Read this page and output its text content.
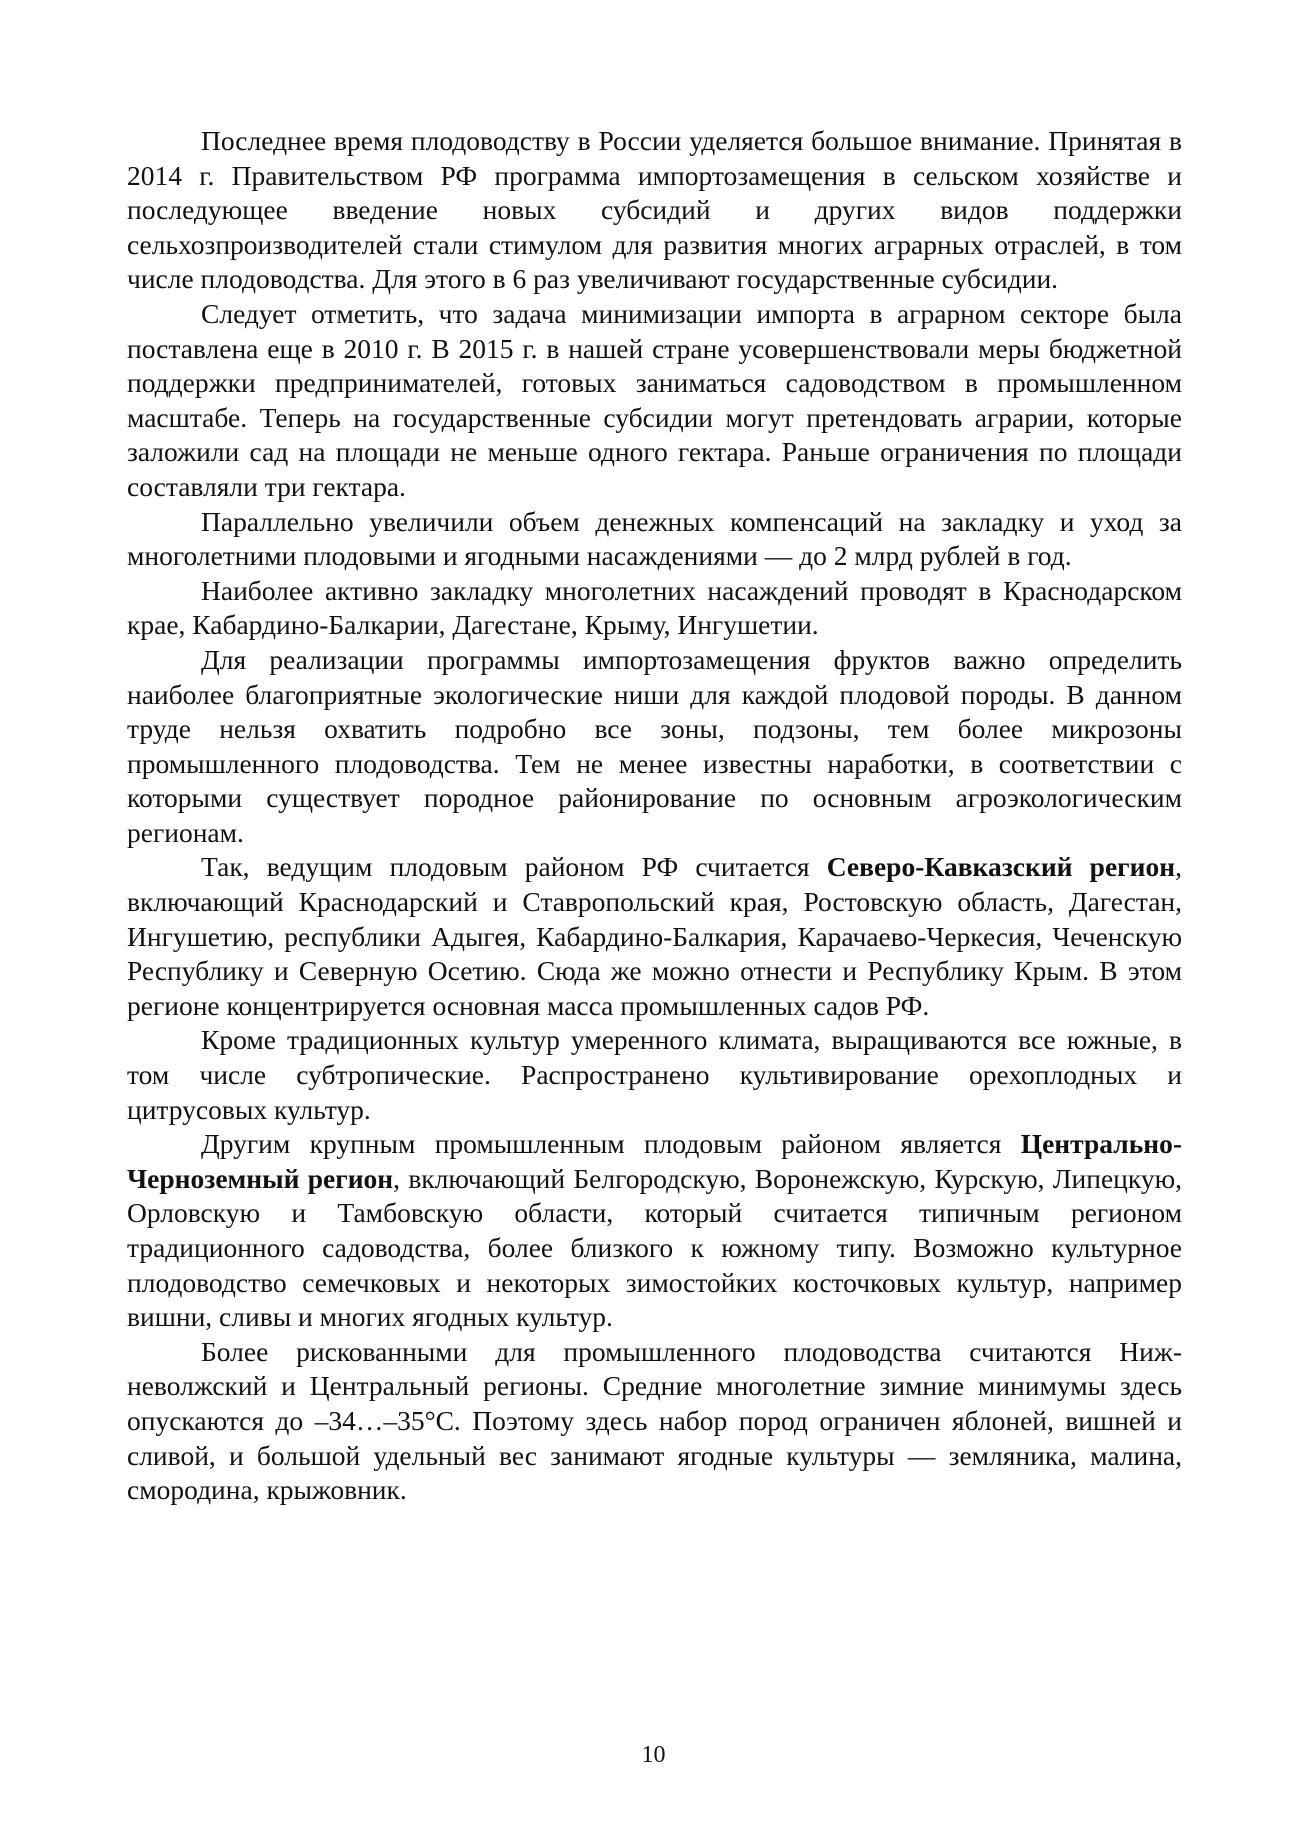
Последнее время плодоводству в России уделяется большое внимание. Принятая в 2014 г. Правительством РФ программа импортозамещения в сельском хозяйстве и последующее введение новых субсидий и других видов поддержки сельхозпроизводителей стали стимулом для развития многих аграрных отраслей, в том числе плодоводства. Для этого в 6 раз увеличивают государственные субсидии.

Следует отметить, что задача минимизации импорта в аграрном секторе была поставлена еще в 2010 г. В 2015 г. в нашей стране усовершенствовали меры бюджетной поддержки предпринимателей, готовых заниматься садоводством в промышленном масштабе. Теперь на государственные субсидии могут претендовать аграрии, которые заложили сад на площади не меньше одного гектара. Раньше ограничения по площади составляли три гектара.

Параллельно увеличили объем денежных компенсаций на закладку и уход за многолетними плодовыми и ягодными насаждениями — до 2 млрд рублей в год.

Наиболее активно закладку многолетних насаждений проводят в Краснодарском крае, Кабардино-Балкарии, Дагестане, Крыму, Ингушетии.

Для реализации программы импортозамещения фруктов важно определить наиболее благоприятные экологические ниши для каждой плодовой породы. В данном труде нельзя охватить подробно все зоны, подзоны, тем более микрозоны промышленного плодоводства. Тем не менее известны наработки, в соответствии с которыми существует породное районирование по основным агроэкологическим регионам.

Так, ведущим плодовым районом РФ считается Северо-Кавказский регион, включающий Краснодарский и Ставропольский края, Ростовскую область, Дагестан, Ингушетию, республики Адыгея, Кабардино-Балкария, Карачаево-Черкесия, Чеченскую Республику и Северную Осетию. Сюда же можно отнести и Республику Крым. В этом регионе концентрируется основная масса промышленных садов РФ.

Кроме традиционных культур умеренного климата, выращиваются все южные, в том числе субтропические. Распространено культивирование орехоплодных и цитрусовых культур.

Другим крупным промышленным плодовым районом является Центрально-Черноземный регион, включающий Белгородскую, Воронежскую, Курскую, Липецкую, Орловскую и Тамбовскую области, который считается типичным регионом традиционного садоводства, более близкого к южному типу. Возможно культурное плодоводство семечковых и некоторых зимостойких косточковых культур, например вишни, сливы и многих ягодных культур.

Более рискованными для промышленного плодоводства считаются Нижневолжский и Центральный регионы. Средние многолетние зимние минимумы здесь опускаются до –34…–35°С. Поэтому здесь набор пород ограничен яблоней, вишней и сливой, и большой удельный вес занимают ягодные культуры — земляника, малина, смородина, крыжовник.

10
